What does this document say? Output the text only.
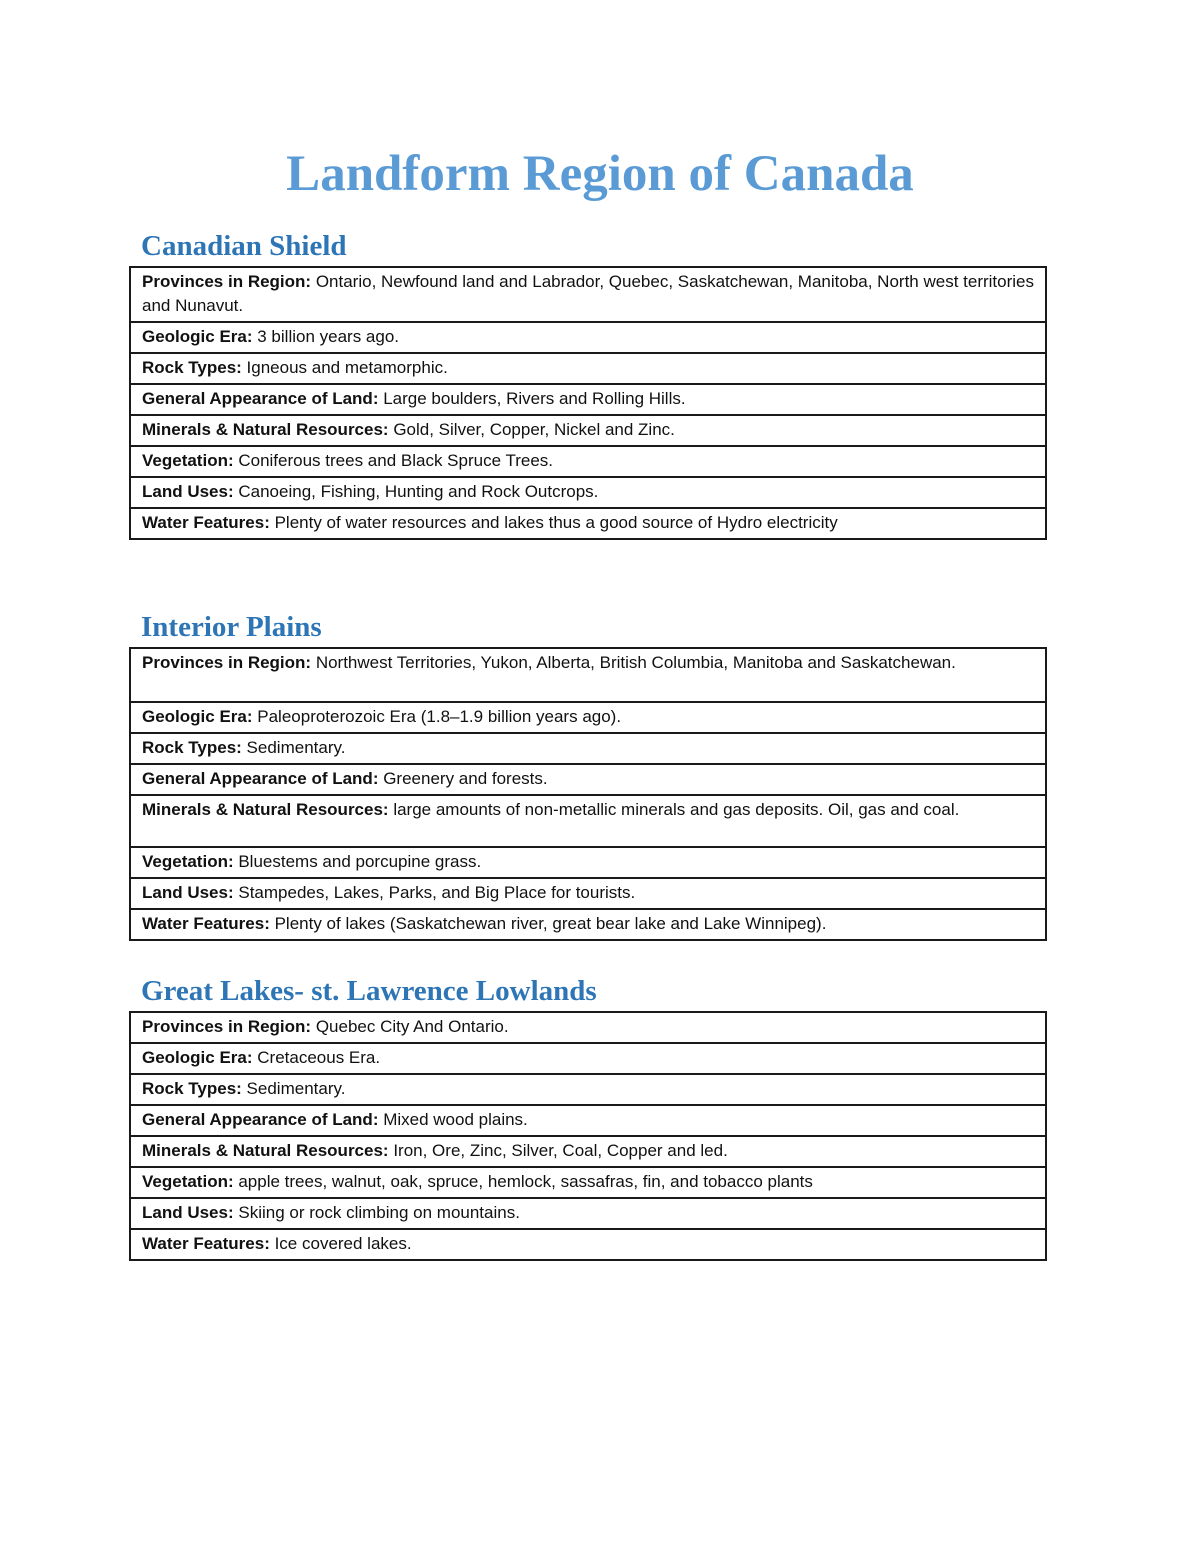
Landform Region of Canada
Canadian Shield
Provinces in Region: Ontario, Newfound land and Labrador, Quebec, Saskatchewan, Manitoba, North west territories and Nunavut.
Geologic Era: 3 billion years ago.
Rock Types: Igneous and metamorphic.
General Appearance of Land: Large boulders, Rivers and Rolling Hills.
Minerals & Natural Resources: Gold, Silver, Copper, Nickel and Zinc.
Vegetation: Coniferous trees and Black Spruce Trees.
Land Uses: Canoeing, Fishing, Hunting and Rock Outcrops.
Water Features: Plenty of water resources and lakes thus a good source of Hydro electricity
Interior Plains
Provinces in Region: Northwest Territories, Yukon, Alberta, British Columbia, Manitoba and Saskatchewan.
Geologic Era: Paleoproterozoic Era (1.8–1.9 billion years ago).
Rock Types: Sedimentary.
General Appearance of Land: Greenery and forests.
Minerals & Natural Resources: large amounts of non-metallic minerals and gas deposits. Oil, gas and coal.
Vegetation: Bluestems and porcupine grass.
Land Uses: Stampedes, Lakes, Parks, and Big Place for tourists.
Water Features: Plenty of lakes (Saskatchewan river, great bear lake and Lake Winnipeg).
Great Lakes- st. Lawrence Lowlands
Provinces in Region: Quebec City And Ontario.
Geologic Era: Cretaceous Era.
Rock Types: Sedimentary.
General Appearance of Land: Mixed wood plains.
Minerals & Natural Resources: Iron, Ore, Zinc, Silver, Coal, Copper and led.
Vegetation: apple trees, walnut, oak, spruce, hemlock, sassafras, fin, and tobacco plants
Land Uses: Skiing or rock climbing on mountains.
Water Features: Ice covered lakes.
